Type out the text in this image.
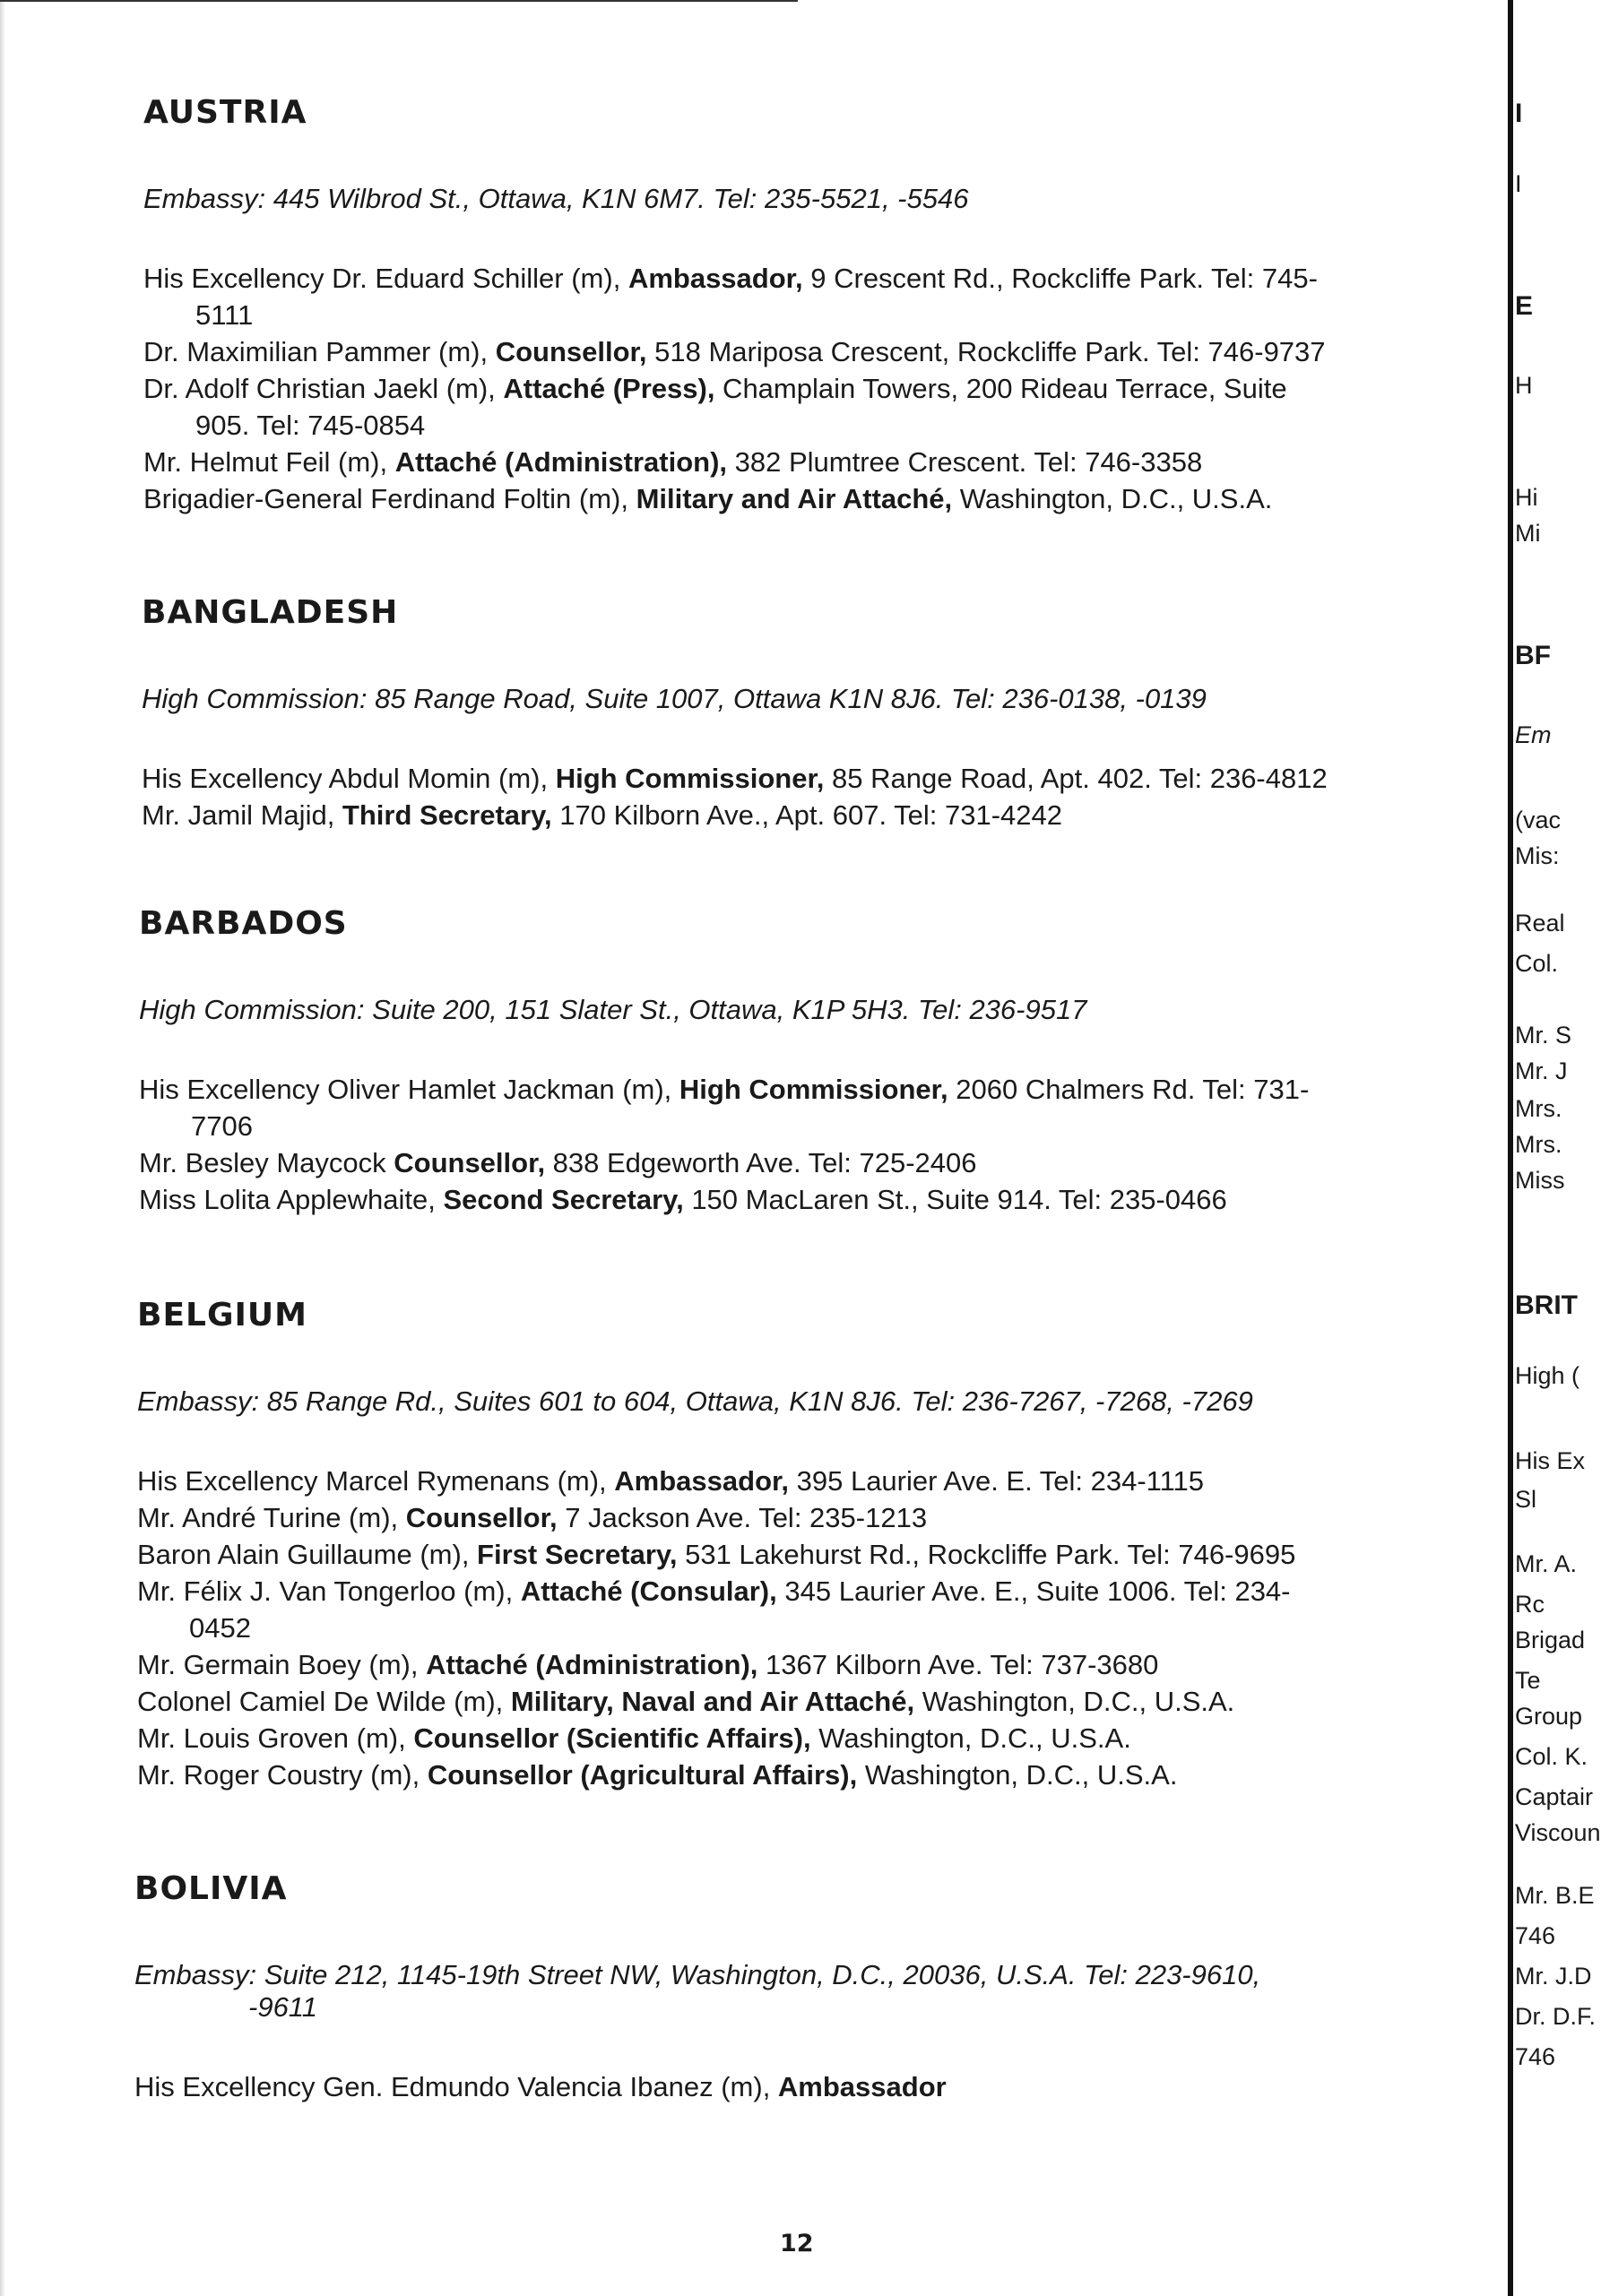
AUSTRIA

Embassy: 445 Wilbrod St., Ottawa, K1N 6M7. Tel: 235-5521, -5546

His Excellency Dr. Eduard Schiller (m), Ambassador, 9 Crescent Rd., Rockcliffe Park. Tel: 745-
5111
Dr. Maximilian Pammer (m), Counsellor, 518 Mariposa Crescent, Rockcliffe Park. Tel: 746-9737
Dr. Adolf Christian Jaekl (m), Attaché (Press), Champlain Towers, 200 Rideau Terrace, Suite
905. Tel: 745-0854
Mr. Helmut Feil (m), Attaché (Administration), 382 Plumtree Crescent. Tel: 746-3358
Brigadier-General Ferdinand Foltin (m), Military and Air Attaché, Washington, D.C., U.S.A.
BANGLADESH

High Commission: 85 Range Road, Suite 1007, Ottawa K1N 8J6. Tel: 236-0138, -0139

His Excellency Abdul Momin (m), High Commissioner, 85 Range Road, Apt. 402. Tel: 236-4812
Mr. Jamil Majid, Third Secretary, 170 Kilborn Ave., Apt. 607. Tel: 731-4242
BARBADOS

High Commission: Suite 200, 151 Slater St., Ottawa, K1P 5H3. Tel: 236-9517

His Excellency Oliver Hamlet Jackman (m), High Commissioner, 2060 Chalmers Rd. Tel: 731-
7706
Mr. Besley Maycock Counsellor, 838 Edgeworth Ave. Tel: 725-2406
Miss Lolita Applewhaite, Second Secretary, 150 MacLaren St., Suite 914. Tel: 235-0466
BELGIUM

Embassy: 85 Range Rd., Suites 601 to 604, Ottawa, K1N 8J6. Tel: 236-7267, -7268, -7269

His Excellency Marcel Rymenans (m), Ambassador, 395 Laurier Ave. E. Tel: 234-1115
Mr. André Turine (m), Counsellor, 7 Jackson Ave. Tel: 235-1213
Baron Alain Guillaume (m), First Secretary, 531 Lakehurst Rd., Rockcliffe Park. Tel: 746-9695
Mr. Félix J. Van Tongerloo (m), Attaché (Consular), 345 Laurier Ave. E., Suite 1006. Tel: 234-
0452
Mr. Germain Boey (m), Attaché (Administration), 1367 Kilborn Ave. Tel: 737-3680
Colonel Camiel De Wilde (m), Military, Naval and Air Attaché, Washington, D.C., U.S.A.
Mr. Louis Groven (m), Counsellor (Scientific Affairs), Washington, D.C., U.S.A.
Mr. Roger Coustry (m), Counsellor (Agricultural Affairs), Washington, D.C., U.S.A.
BOLIVIA

Embassy: Suite 212, 1145-19th Street NW, Washington, D.C., 20036, U.S.A. Tel: 223-9610,

-9611

His Excellency Gen. Edmundo Valencia Ibanez (m), Ambassador
I
I
E
H
Hi
Mi
BF
Em
(vac
Mis:
Real
Col.
Mr. S
Mr. J
Mrs.
Mrs.
Miss
BRIT
High (
His Ex
Sl
Mr. A.
Rc
Brigad
Te
Group
Col. K.
Captair
Viscoun
Mr. B.E
746
Mr. J.D
Dr. D.F.
746
12
